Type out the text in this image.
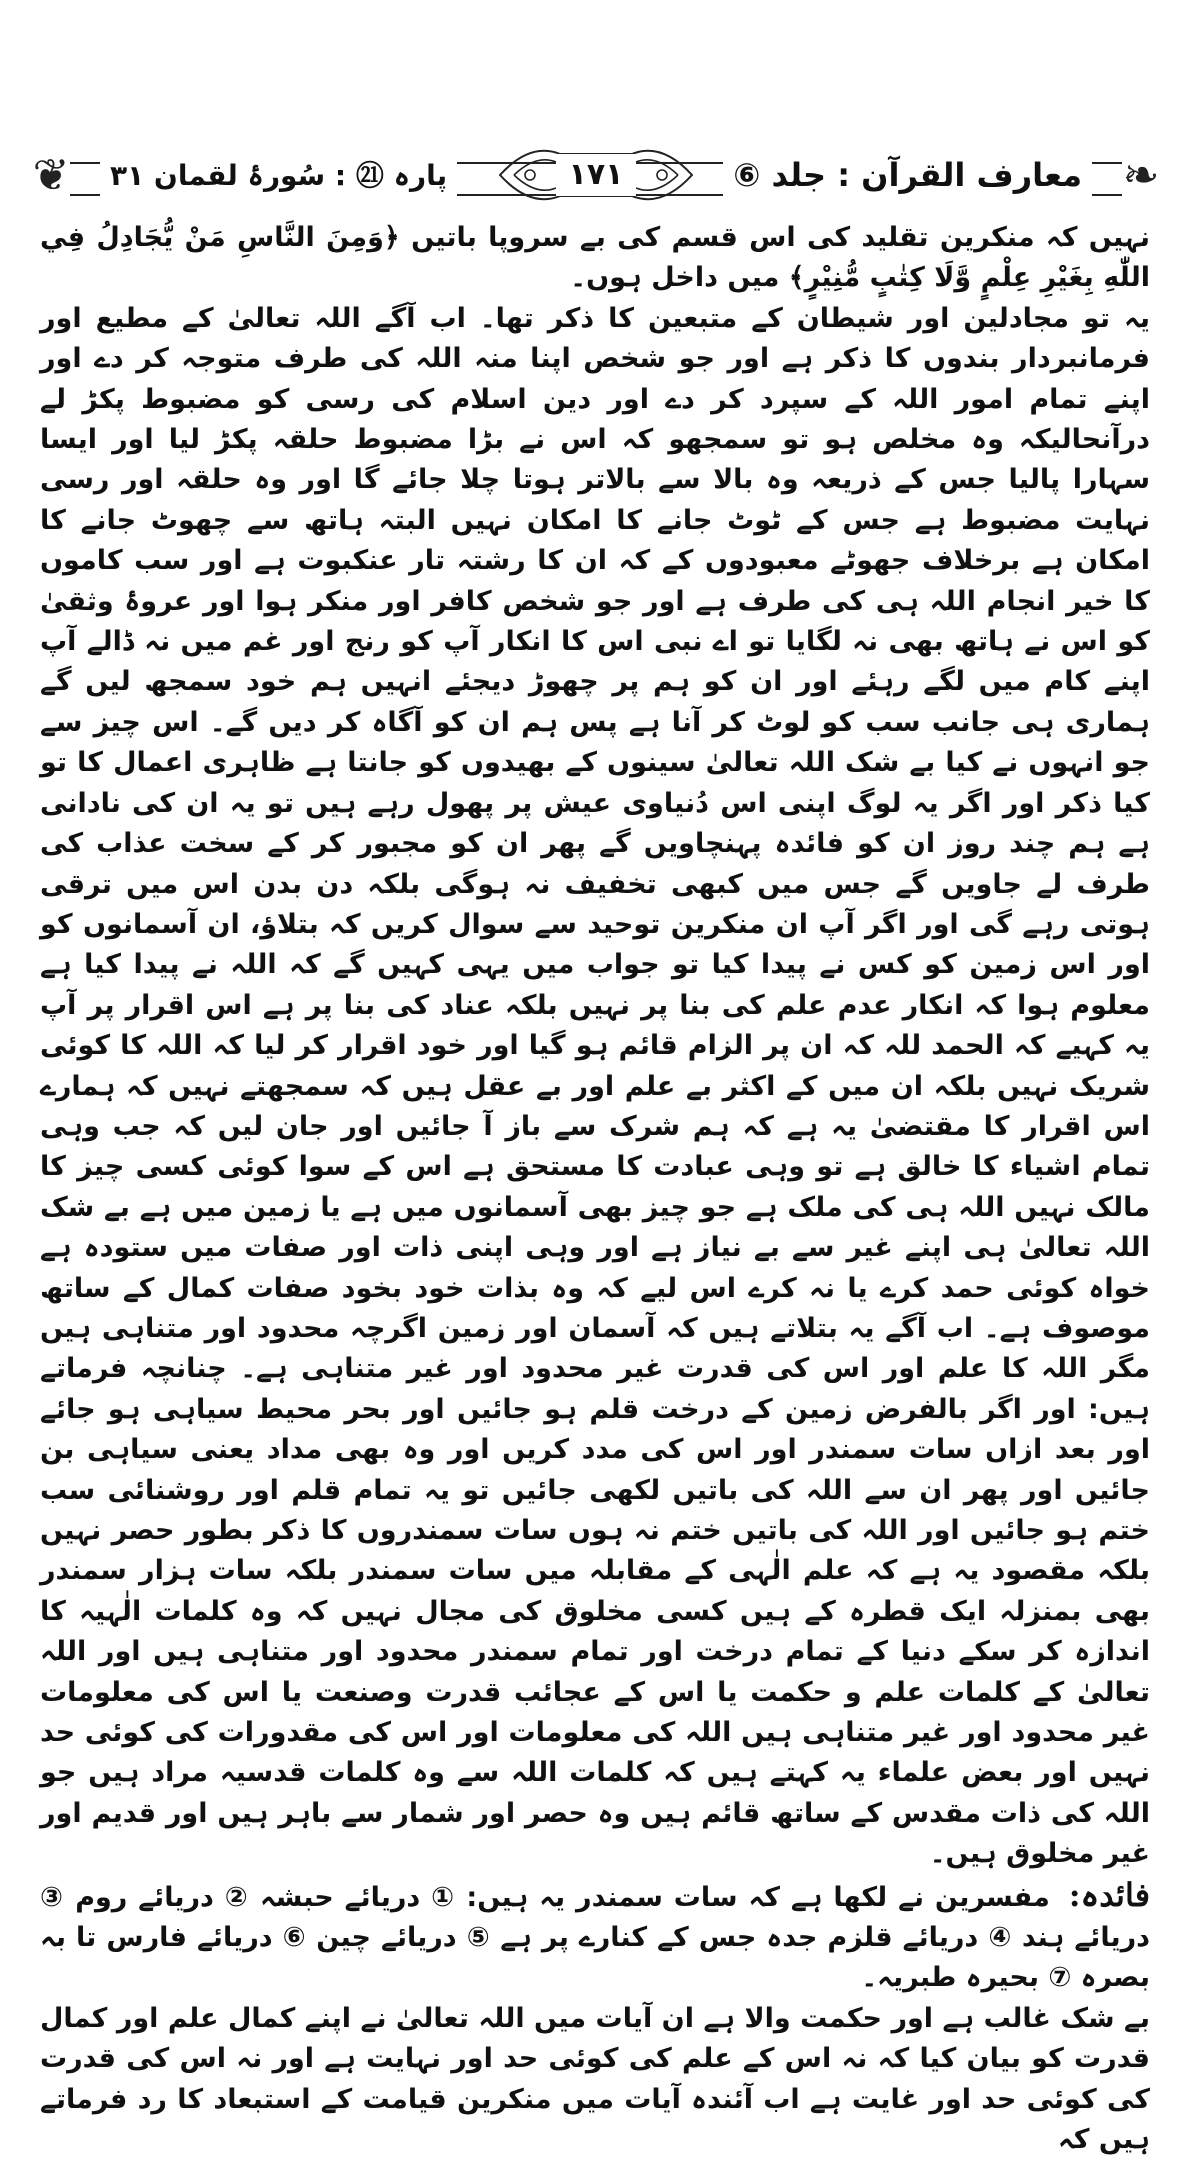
❦	❧
معارف القرآن : جلد ⑥
پارہ ㉑ : سُورۂ لقمان ٣١	١٧١

نہیں کہ منکرین تقلید کی اس قسم کی بے سروپا باتیں ﴿وَمِنَ النَّاسِ مَنْ يُّجَادِلُ فِي اللّٰهِ بِغَيْرِ عِلْمٍ وَّلَا كِتٰبٍ مُّنِيْرٍ﴾ میں داخل ہوں۔

یہ تو مجادلین اور شیطان کے متبعین کا ذکر تھا۔ اب آگے اللہ تعالیٰ کے مطیع اور فرمانبردار بندوں کا ذکر ہے اور جو شخص اپنا منہ اللہ کی طرف متوجہ کر دے اور اپنے تمام امور اللہ کے سپرد کر دے اور دین اسلام کی رسی کو مضبوط پکڑ لے درآنحالیکہ وہ مخلص ہو تو سمجھو کہ اس نے بڑا مضبوط حلقہ پکڑ لیا اور ایسا سہارا پالیا جس کے ذریعہ وہ بالا سے بالاتر ہوتا چلا جائے گا اور وہ حلقہ اور رسی نہایت مضبوط ہے جس کے ٹوٹ جانے کا امکان نہیں البتہ ہاتھ سے چھوٹ جانے کا امکان ہے برخلاف جھوٹے معبودوں کے کہ ان کا رشتہ تار عنکبوت ہے اور سب کاموں کا خیر انجام اللہ ہی کی طرف ہے اور جو شخص کافر اور منکر ہوا اور عروۂ وثقیٰ کو اس نے ہاتھ بھی نہ لگایا تو اے نبی اس کا انکار آپ کو رنج اور غم میں نہ ڈالے آپ اپنے کام میں لگے رہئے اور ان کو ہم پر چھوڑ دیجئے انہیں ہم خود سمجھ لیں گے ہماری ہی جانب سب کو لوٹ کر آنا ہے پس ہم ان کو آگاہ کر دیں گے۔ اس چیز سے جو انہوں نے کیا بے شک اللہ تعالیٰ سینوں کے بھیدوں کو جانتا ہے ظاہری اعمال کا تو کیا ذکر اور اگر یہ لوگ اپنی اس دُنیاوی عیش پر پھول رہے ہیں تو یہ ان کی نادانی ہے ہم چند روز ان کو فائدہ پہنچاویں گے پھر ان کو مجبور کر کے سخت عذاب کی طرف لے جاویں گے جس میں کبھی تخفیف نہ ہوگی بلکہ دن بدن اس میں ترقی ہوتی رہے گی اور اگر آپ ان منکرین توحید سے سوال کریں کہ بتلاؤ، ان آسمانوں کو اور اس زمین کو کس نے پیدا کیا تو جواب میں یہی کہیں گے کہ اللہ نے پیدا کیا ہے معلوم ہوا کہ انکار عدم علم کی بنا پر نہیں بلکہ عناد کی بنا پر ہے اس اقرار پر آپ یہ کہیے کہ الحمد للہ کہ ان پر الزام قائم ہو گیا اور خود اقرار کر لیا کہ اللہ کا کوئی شریک نہیں بلکہ ان میں کے اکثر بے علم اور بے عقل ہیں کہ سمجھتے نہیں کہ ہمارے اس اقرار کا مقتضیٰ یہ ہے کہ ہم شرک سے باز آ جائیں اور جان لیں کہ جب وہی تمام اشیاء کا خالق ہے تو وہی عبادت کا مستحق ہے اس کے سوا کوئی کسی چیز کا مالک نہیں اللہ ہی کی ملک ہے جو چیز بھی آسمانوں میں ہے یا زمین میں ہے بے شک اللہ تعالیٰ ہی اپنے غیر سے بے نیاز ہے اور وہی اپنی ذات اور صفات میں ستودہ ہے خواہ کوئی حمد کرے یا نہ کرے اس لیے کہ وہ بذات خود بخود صفات کمال کے ساتھ موصوف ہے۔ اب آگے یہ بتلاتے ہیں کہ آسمان اور زمین اگرچہ محدود اور متناہی ہیں مگر اللہ کا علم اور اس کی قدرت غیر محدود اور غیر متناہی ہے۔ چنانچہ فرماتے ہیں: اور اگر بالفرض زمین کے درخت قلم ہو جائیں اور بحر محیط سیاہی ہو جائے اور بعد ازاں سات سمندر اور اس کی مدد کریں اور وہ بھی مداد یعنی سیاہی بن جائیں اور پھر ان سے اللہ کی باتیں لکھی جائیں تو یہ تمام قلم اور روشنائی سب ختم ہو جائیں اور اللہ کی باتیں ختم نہ ہوں سات سمندروں کا ذکر بطور حصر نہیں بلکہ مقصود یہ ہے کہ علم الٰہی کے مقابلہ میں سات سمندر بلکہ سات ہزار سمندر بھی بمنزلہ ایک قطرہ کے ہیں کسی مخلوق کی مجال نہیں کہ وہ کلمات الٰہیہ کا اندازہ کر سکے دنیا کے تمام درخت اور تمام سمندر محدود اور متناہی ہیں اور اللہ تعالیٰ کے کلمات علم و حکمت یا اس کے عجائب قدرت وصنعت یا اس کی معلومات غیر محدود اور غیر متناہی ہیں اللہ کی معلومات اور اس کی مقدورات کی کوئی حد نہیں اور بعض علماء یہ کہتے ہیں کہ کلمات اللہ سے وہ کلمات قدسیہ مراد ہیں جو اللہ کی ذات مقدس کے ساتھ قائم ہیں وہ حصر اور شمار سے باہر ہیں اور قدیم اور غیر مخلوق ہیں۔

فائدہ: مفسرین نے لکھا ہے کہ سات سمندر یہ ہیں: ① دریائے حبشہ ② دریائے روم ③ دریائے ہند ④ دریائے قلزم جدہ جس کے کنارے پر ہے ⑤ دریائے چین ⑥ دریائے فارس تا بہ بصرہ ⑦ بحیرہ طبریہ۔

بے شک غالب ہے اور حکمت والا ہے ان آیات میں اللہ تعالیٰ نے اپنے کمال علم اور کمال قدرت کو بیان کیا کہ نہ اس کے علم کی کوئی حد اور نہایت ہے اور نہ اس کی قدرت کی کوئی حد اور غایت ہے اب آئندہ آیات میں منکرین قیامت کے استبعاد کا رد فرماتے ہیں کہ
